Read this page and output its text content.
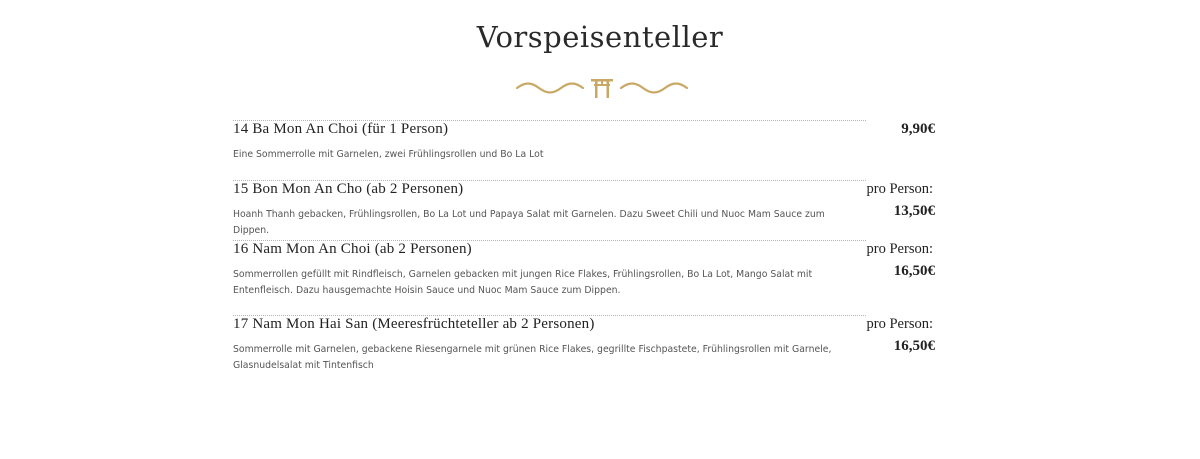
Vorspeisenteller
14 Ba Mon An Choi (für 1 Person)
Eine Sommerrolle mit Garnelen, zwei Frühlingsrollen und Bo La Lot
9,90€
15 Bon Mon An Cho (ab 2 Personen)
Hoanh Thanh gebacken, Frühlingsrollen, Bo La Lot und Papaya Salat mit Garnelen. Dazu Sweet Chili und Nuoc Mam Sauce zum Dippen.
pro Person:
13,50€
16 Nam Mon An Choi (ab 2 Personen)
Sommerrollen gefüllt mit Rindfleisch, Garnelen gebacken mit jungen Rice Flakes, Frühlingsrollen, Bo La Lot, Mango Salat mit Entenfleisch. Dazu hausgemachte Hoisin Sauce und Nuoc Mam Sauce zum Dippen.
pro Person:
16,50€
17 Nam Mon Hai San (Meeresfrüchteteller ab 2 Personen)
Sommerrolle mit Garnelen, gebackene Riesengarnele mit grünen Rice Flakes, gegrillte Fischpastete, Frühlingsrollen mit Garnele, Glasnudelsalat mit Tintenfisch
pro Person:
16,50€
